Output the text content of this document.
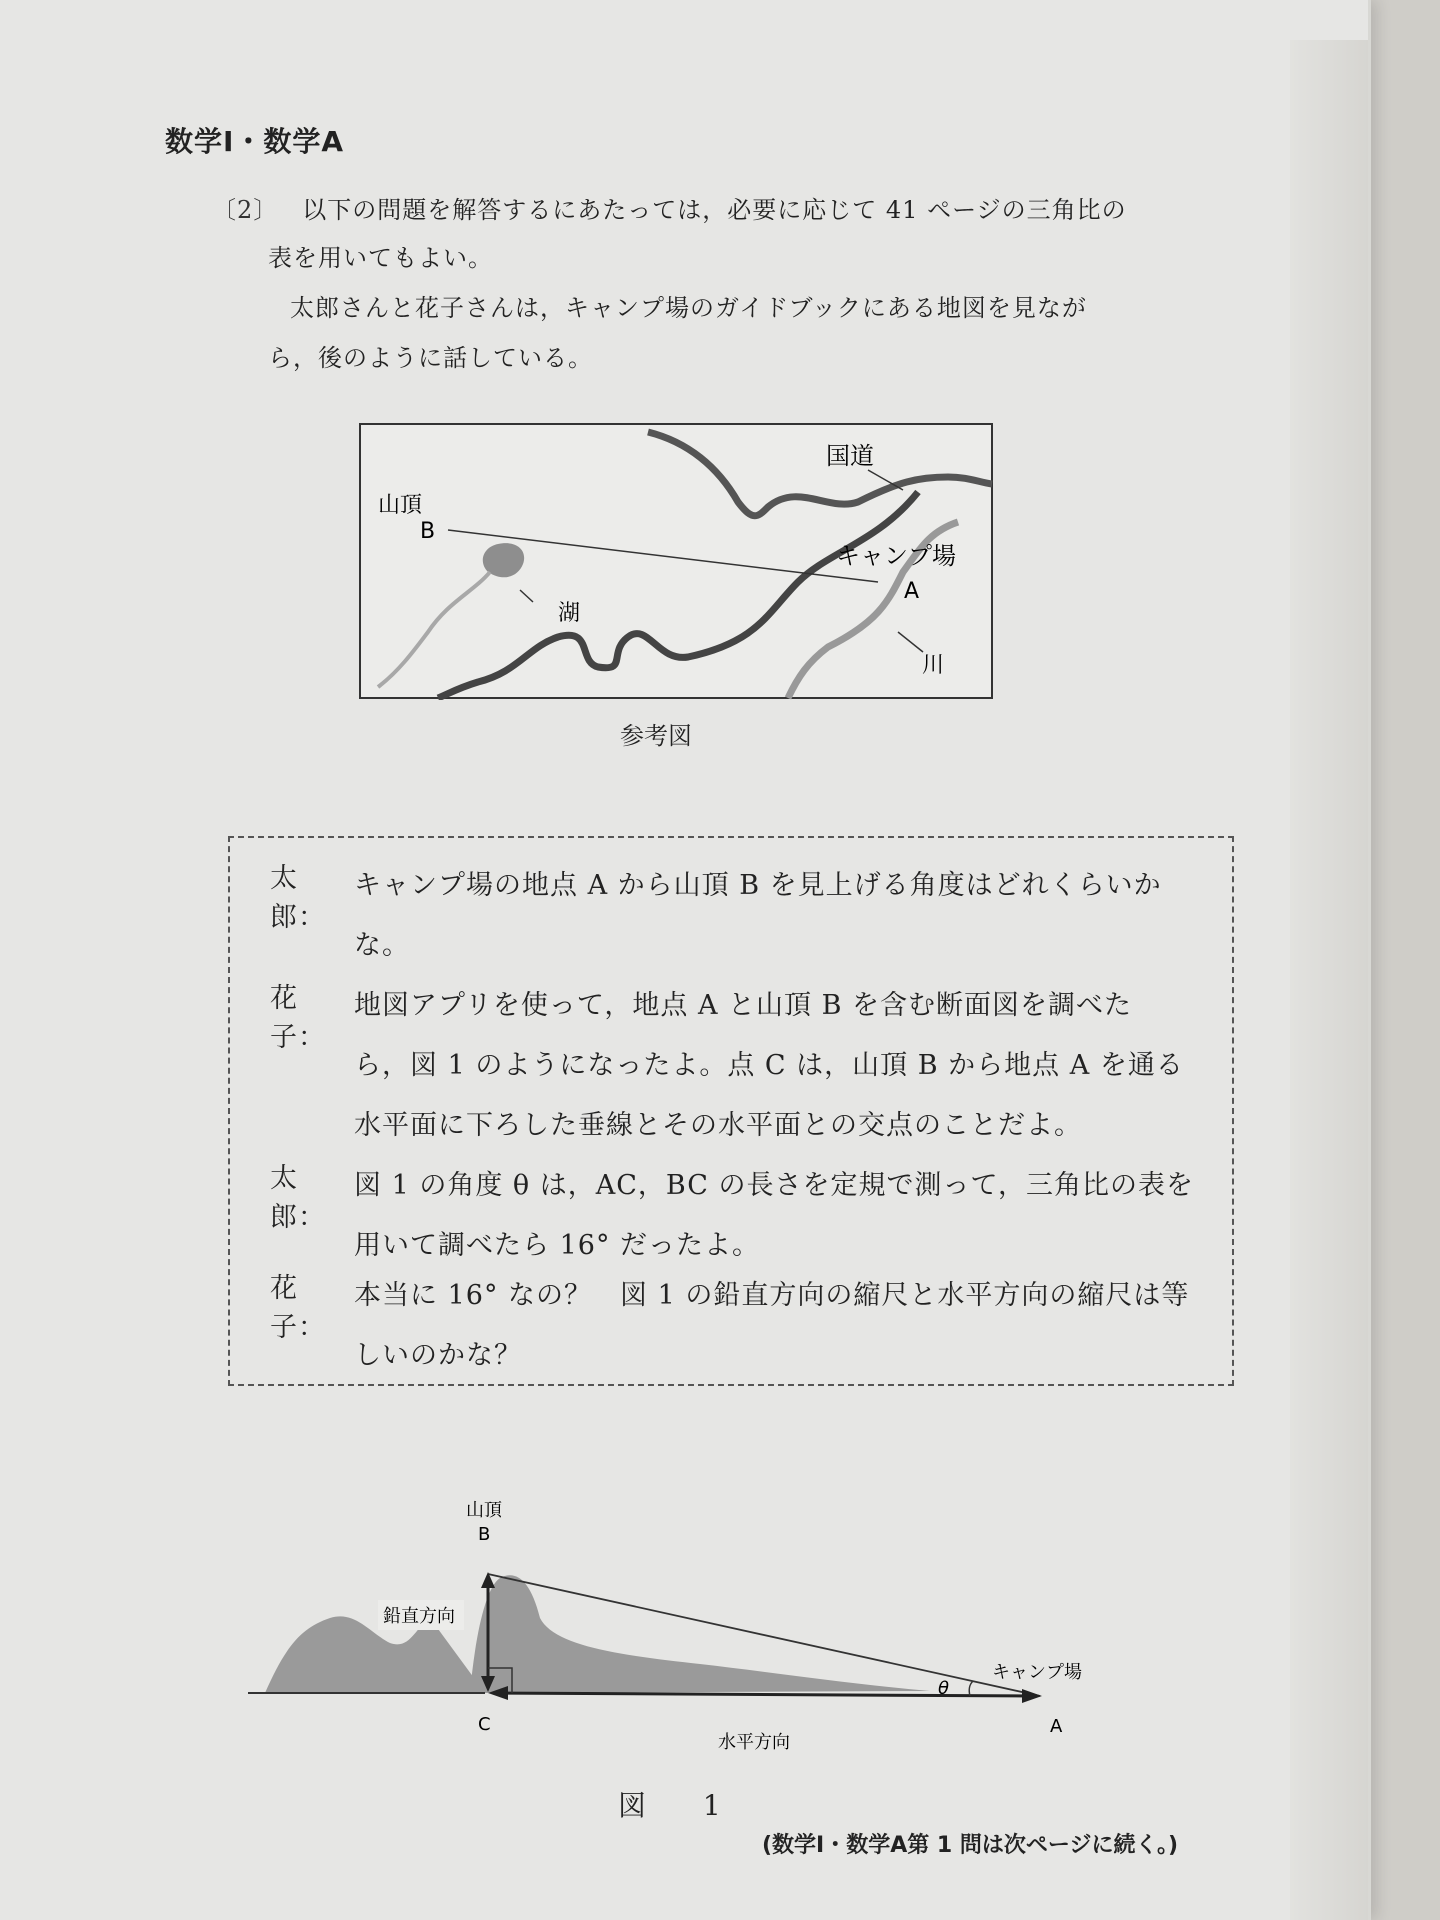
数学Ⅰ・数学A
〔2〕 以下の問題を解答するにあたっては，必要に応じて 41 ページの三角比の
表を用いてもよい。
太郎さんと花子さんは，キャンプ場のガイドブックにある地図を見なが
ら，後のように話している。
国道
山頂
B
キャンプ場
A
湖
川
参考図
太郎：
キャンプ場の地点 A から山頂 B を見上げる角度はどれくらいか
な。
花子：
地図アプリを使って，地点 A と山頂 B を含む断面図を調べた
ら，図 1 のようになったよ。点 C は，山頂 B から地点 A を通る
水平面に下ろした垂線とその水平面との交点のことだよ。
太郎：
図 1 の角度 θ は，AC，BC の長さを定規で測って，三角比の表を
用いて調べたら 16° だったよ。
花子：
本当に 16° なの？　図 1 の鉛直方向の縮尺と水平方向の縮尺は等
しいのかな？
山頂
B
鉛直方向
キャンプ場
θ
A
C
水平方向
図 1
(数学Ⅰ・数学A第 1 問は次ページに続く。)
